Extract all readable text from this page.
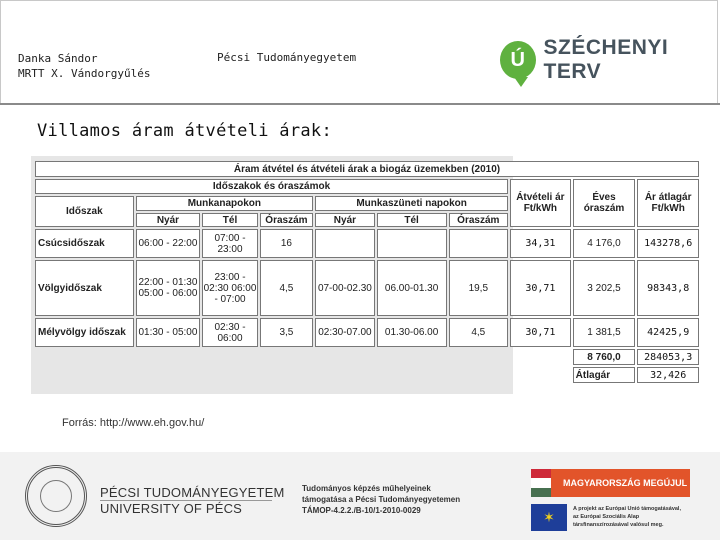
Danka Sándor
MRTT X. Vándorgyűlés
Pécsi Tudományegyetem	Ú
SZÉCHENYI TERV
Villamos áram átvételi árak:
Áram átvétel és átvételi árak a biogáz üzemekben (2010)									
Időszakok és óraszámok							Átvételi ár Ft/kWh	Éves óraszám	Ár átlagár Ft/kWh
Időszak	Munkanapokon			Munkaszüneti napokon					
	Nyár	Tél	Óraszám	Nyár	Tél	Óraszám			
Csúcsidőszak	06:00 - 22:00	07:00 - 23:00	16				34,31	4 176,0	143278,6
Völgyidőszak	22:00 - 01:30 05:00 - 06:00	23:00 - 02:30 06:00 - 07:00	4,5	07-00-02.30	06.00-01.30	19,5	30,71	3 202,5	98343,8
Mélyvölgy időszak	01:30 - 05:00	02:30 - 06:00	3,5	02:30-07.00	01.30-06.00	4,5	30,71	1 381,5	42425,9
								8 760,0	284053,3
								Átlagár	32,426
Forrás: http://www.eh.gov.hu/
PÉCSI TUDOMÁNYEGYETEM
UNIVERSITY OF PÉCS
Tudományos képzés műhelyeinek
támogatása a Pécsi Tudományegyetemen
TÁMOP-4.2.2./B-10/1-2010-0029
MAGYARORSZÁG MEGÚJUL
✶
A projekt az Európai Unió támogatásával,
az Európai Szociális Alap
társfinanszírozásával valósul meg.
